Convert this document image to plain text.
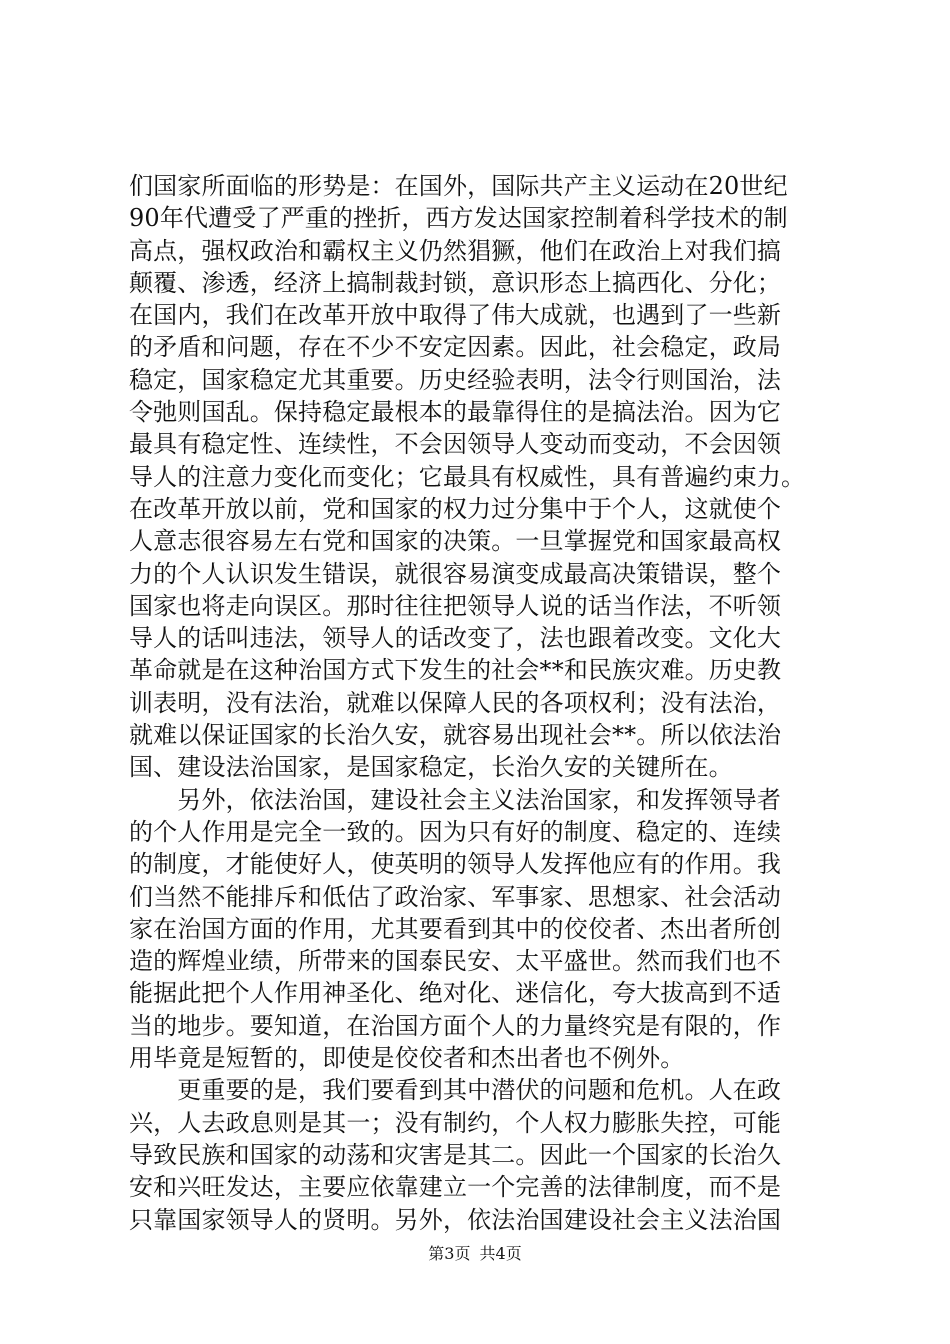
们国家所面临的形势是：在国外，国际共产主义运动在20世纪
90年代遭受了严重的挫折，西方发达国家控制着科学技术的制
高点，强权政治和霸权主义仍然猖獗，他们在政治上对我们搞
颠覆、渗透，经济上搞制裁封锁，意识形态上搞西化、分化；
在国内，我们在改革开放中取得了伟大成就，也遇到了一些新
的矛盾和问题，存在不少不安定因素。因此，社会稳定，政局
稳定，国家稳定尤其重要。历史经验表明，法令行则国治，法
令弛则国乱。保持稳定最根本的最靠得住的是搞法治。因为它
最具有稳定性、连续性，不会因领导人变动而变动，不会因领
导人的注意力变化而变化；它最具有权威性，具有普遍约束力。
在改革开放以前，党和国家的权力过分集中于个人，这就使个
人意志很容易左右党和国家的决策。一旦掌握党和国家最高权
力的个人认识发生错误，就很容易演变成最高决策错误，整个
国家也将走向误区。那时往往把领导人说的话当作法，不听领
导人的话叫违法，领导人的话改变了，法也跟着改变。文化大
革命就是在这种治国方式下发生的社会**和民族灾难。历史教
训表明，没有法治，就难以保障人民的各项权利；没有法治，
就难以保证国家的长治久安，就容易出现社会**。所以依法治
国、建设法治国家，是国家稳定，长治久安的关键所在。
　　另外，依法治国，建设社会主义法治国家，和发挥领导者
的个人作用是完全一致的。因为只有好的制度、稳定的、连续
的制度，才能使好人，使英明的领导人发挥他应有的作用。我
们当然不能排斥和低估了政治家、军事家、思想家、社会活动
家在治国方面的作用，尤其要看到其中的佼佼者、杰出者所创
造的辉煌业绩，所带来的国泰民安、太平盛世。然而我们也不
能据此把个人作用神圣化、绝对化、迷信化，夸大拔高到不适
当的地步。要知道，在治国方面个人的力量终究是有限的，作
用毕竟是短暂的，即使是佼佼者和杰出者也不例外。
　　更重要的是，我们要看到其中潜伏的问题和危机。人在政
兴，人去政息则是其一；没有制约，个人权力膨胀失控，可能
导致民族和国家的动荡和灾害是其二。因此一个国家的长治久
安和兴旺发达，主要应依靠建立一个完善的法律制度，而不是
只靠国家领导人的贤明。另外，依法治国建设社会主义法治国
第3页 共4页
